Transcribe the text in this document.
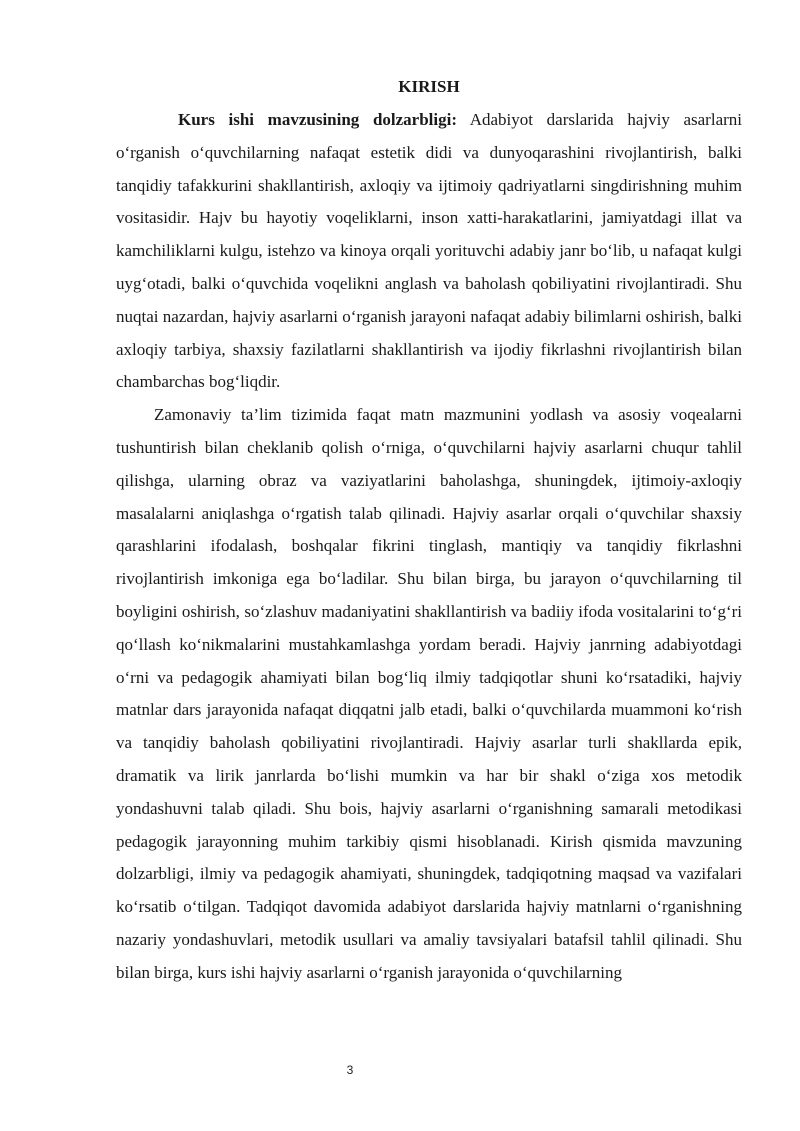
KIRISH

Kurs ishi mavzusining dolzarbligi: Adabiyot darslarida hajviy asarlarni o‘rganish o‘quvchilarning nafaqat estetik didi va dunyoqarashini rivojlantirish, balki tanqidiy tafakkurini shakllantirish, axloqiy va ijtimoiy qadriyatlarni singdirishning muhim vositasidir. Hajv bu hayotiy voqeliklarni, inson xatti-harakatlarini, jamiyatdagi illat va kamchiliklarni kulgu, istehzo va kinoya orqali yorituvchi adabiy janr bo‘lib, u nafaqat kulgi uyg‘otadi, balki o‘quvchida voqelikni anglash va baholash qobiliyatini rivojlantiradi. Shu nuqtai nazardan, hajviy asarlarni o‘rganish jarayoni nafaqat adabiy bilimlarni oshirish, balki axloqiy tarbiya, shaxsiy fazilatlarni shakllantirish va ijodiy fikrlashni rivojlantirish bilan chambarchas bog‘liqdir.

Zamonaviy ta’lim tizimida faqat matn mazmunini yodlash va asosiy voqealarni tushuntirish bilan cheklanib qolish o‘rniga, o‘quvchilarni hajviy asarlarni chuqur tahlil qilishga, ularning obraz va vaziyatlarini baholashga, shuningdek, ijtimoiy-axloqiy masalalarni aniqlashga o‘rgatish talab qilinadi. Hajviy asarlar orqali o‘quvchilar shaxsiy qarashlarini ifodalash, boshqalar fikrini tinglash, mantiqiy va tanqidiy fikrlashni rivojlantirish imkoniga ega bo‘ladilar. Shu bilan birga, bu jarayon o‘quvchilarning til boyligini oshirish, so‘zlashuv madaniyatini shakllantirish va badiiy ifoda vositalarini to‘g‘ri qo‘llash ko‘nikmalarini mustahkamlashga yordam beradi. Hajviy janrning adabiyotdagi o‘rni va pedagogik ahamiyati bilan bog‘liq ilmiy tadqiqotlar shuni ko‘rsatadiki, hajviy matnlar dars jarayonida nafaqat diqqatni jalb etadi, balki o‘quvchilarda muammoni ko‘rish va tanqidiy baholash qobiliyatini rivojlantiradi. Hajviy asarlar turli shakllarda epik, dramatik va lirik janrlarda bo‘lishi mumkin va har bir shakl o‘ziga xos metodik yondashuvni talab qiladi. Shu bois, hajviy asarlarni o‘rganishning samarali metodikasi pedagogik jarayonning muhim tarkibiy qismi hisoblanadi. Kirish qismida mavzuning dolzarbligi, ilmiy va pedagogik ahamiyati, shuningdek, tadqiqotning maqsad va vazifalari ko‘rsatib o‘tilgan. Tadqiqot davomida adabiyot darslarida hajviy matnlarni o‘rganishning nazariy yondashuvlari, metodik usullari va amaliy tavsiyalari batafsil tahlil qilinadi. Shu bilan birga, kurs ishi hajviy asarlarni o‘rganish jarayonida o‘quvchilarning

3
